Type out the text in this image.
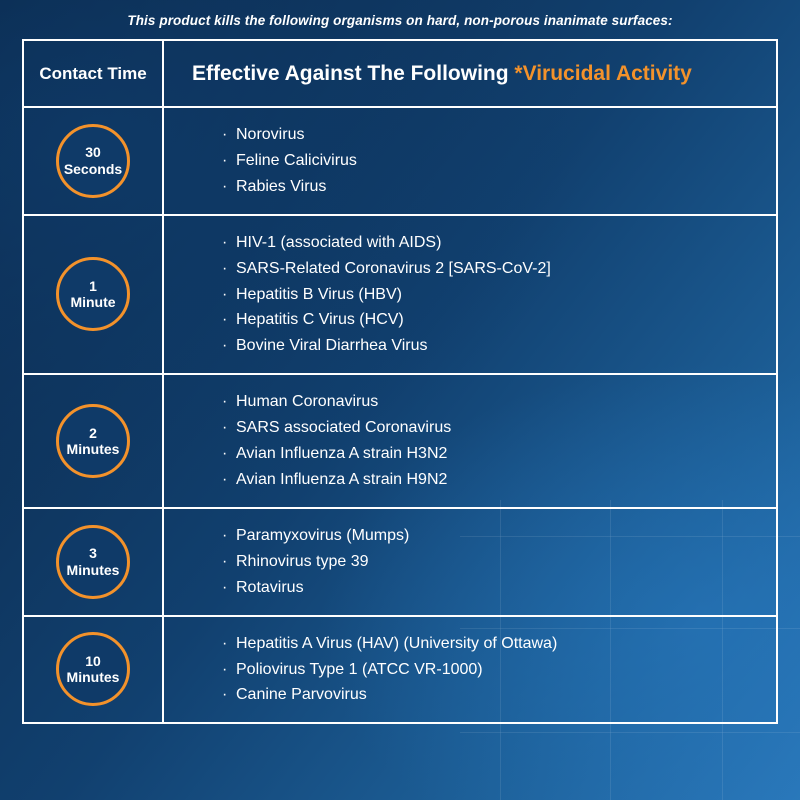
This product kills the following organisms on hard, non-porous inanimate surfaces:
Contact Time Effective Against The Following *Virucidal Activity
30
Seconds
· Norovirus
· Feline Calicivirus
· Rabies Virus
1
Minute
· HIV-1 (associated with AIDS)
· SARS-Related Coronavirus 2 [SARS-CoV-2]
· Hepatitis B Virus (HBV)
· Hepatitis C Virus (HCV)
· Bovine Viral Diarrhea Virus
2
Minutes
· Human Coronavirus
· SARS associated Coronavirus
· Avian Influenza A strain H3N2
· Avian Influenza A strain H9N2
3
Minutes
· Paramyxovirus (Mumps)
· Rhinovirus type 39
· Rotavirus
10
Minutes
· Hepatitis A Virus (HAV) (University of Ottawa)
· Poliovirus Type 1 (ATCC VR-1000)
· Canine Parvovirus
